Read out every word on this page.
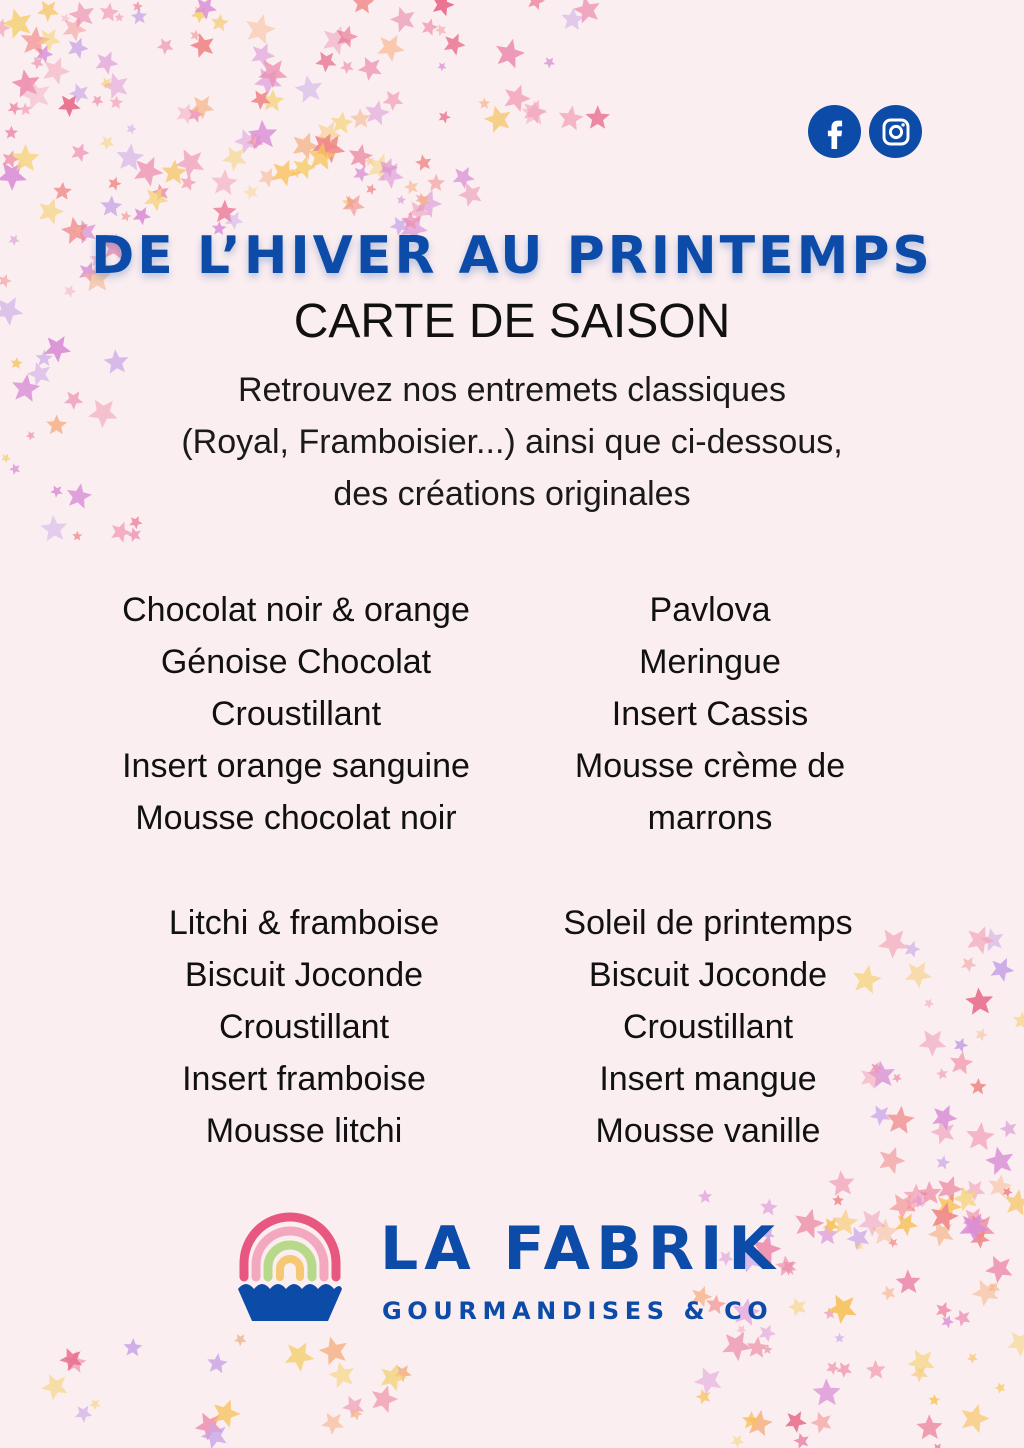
DE L’HIVER AU PRINTEMPS
CARTE DE SAISON
Retrouvez nos entremets classiques
(Royal, Framboisier...) ainsi que ci-dessous,
des créations originales
Chocolat noir & orange
Génoise Chocolat
Croustillant
Insert orange sanguine
Mousse chocolat noir
Pavlova
Meringue
Insert Cassis
Mousse crème de
marrons
Litchi & framboise
Biscuit Joconde
Croustillant
Insert framboise
Mousse litchi
Soleil de printemps
Biscuit Joconde
Croustillant
Insert mangue
Mousse vanille
LA FABRIK
GOURMANDISES & CO
